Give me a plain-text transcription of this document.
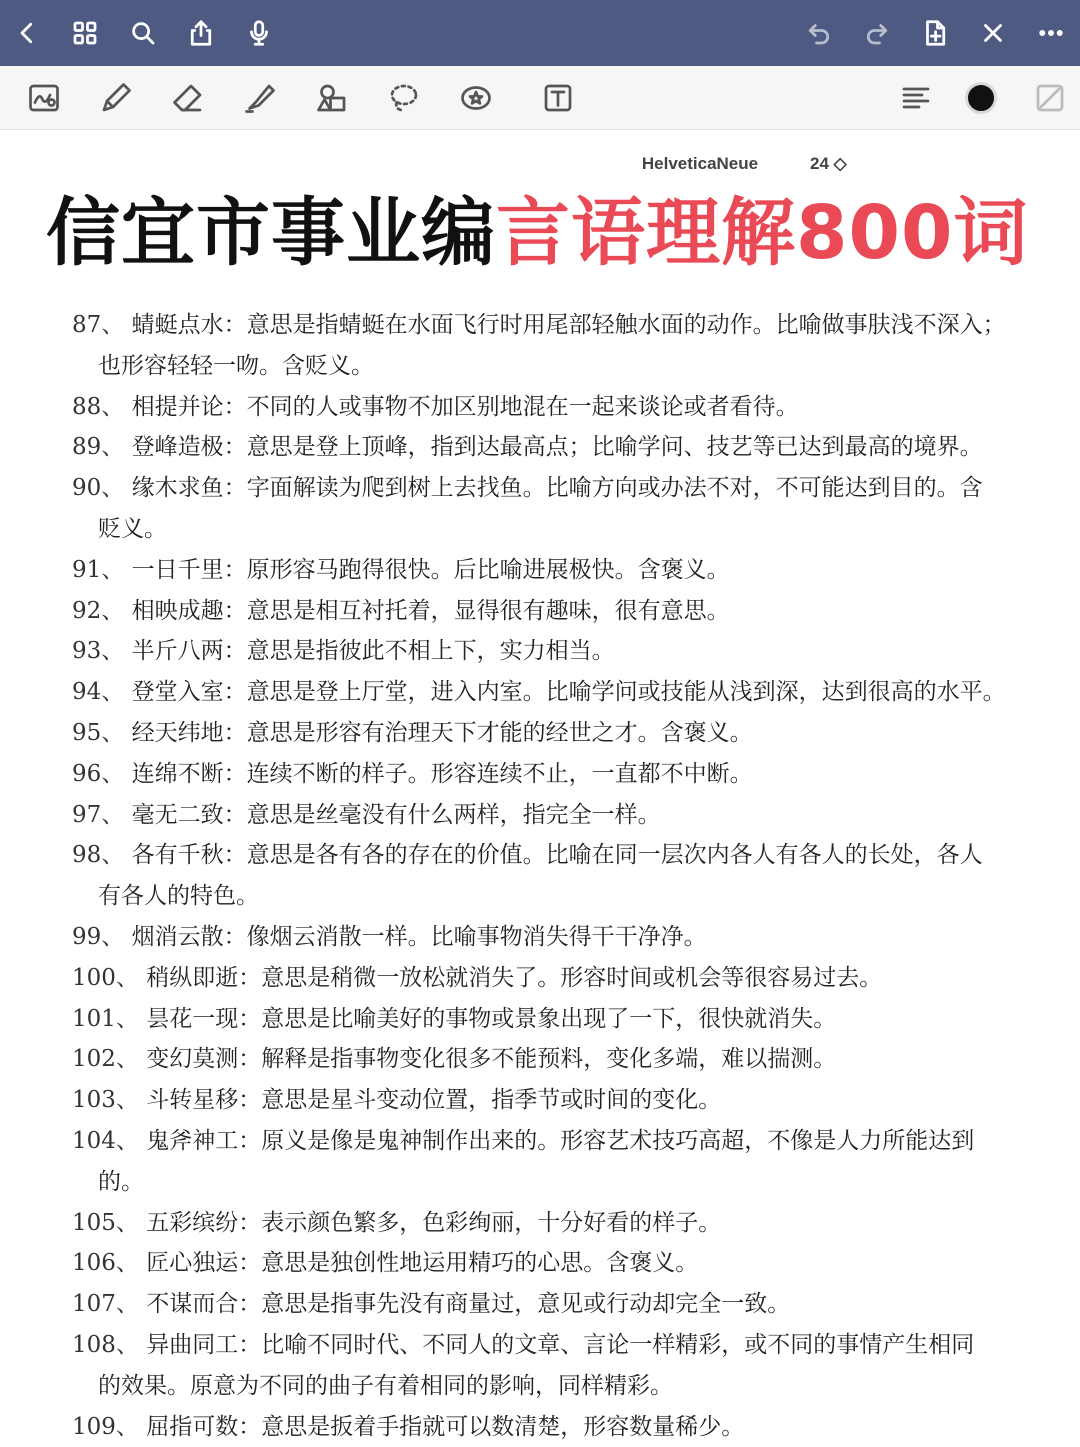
HelveticaNeue	24 ◇
信宜市事业编言语理解800词
87、 蜻蜓点水：意思是指蜻蜓在水面飞行时用尾部轻触水面的动作。比喻做事肤浅不深入；
也形容轻轻一吻。含贬义。
88、 相提并论：不同的人或事物不加区别地混在一起来谈论或者看待。
89、 登峰造极：意思是登上顶峰，指到达最高点；比喻学问、技艺等已达到最高的境界。
90、 缘木求鱼：字面解读为爬到树上去找鱼。比喻方向或办法不对，不可能达到目的。含
贬义。
91、 一日千里：原形容马跑得很快。后比喻进展极快。含褒义。
92、 相映成趣：意思是相互衬托着，显得很有趣味，很有意思。
93、 半斤八两：意思是指彼此不相上下，实力相当。
94、 登堂入室：意思是登上厅堂，进入内室。比喻学问或技能从浅到深，达到很高的水平。
95、 经天纬地：意思是形容有治理天下才能的经世之才。含褒义。
96、 连绵不断：连续不断的样子。形容连续不止，一直都不中断。
97、 毫无二致：意思是丝毫没有什么两样，指完全一样。
98、 各有千秋：意思是各有各的存在的价值。比喻在同一层次内各人有各人的长处，各人
有各人的特色。
99、 烟消云散：像烟云消散一样。比喻事物消失得干干净净。
100、 稍纵即逝：意思是稍微一放松就消失了。形容时间或机会等很容易过去。
101、 昙花一现：意思是比喻美好的事物或景象出现了一下，很快就消失。
102、 变幻莫测：解释是指事物变化很多不能预料，变化多端，难以揣测。
103、 斗转星移：意思是星斗变动位置，指季节或时间的变化。
104、 鬼斧神工：原义是像是鬼神制作出来的。形容艺术技巧高超，不像是人力所能达到
的。
105、 五彩缤纷：表示颜色繁多，色彩绚丽，十分好看的样子。
106、 匠心独运：意思是独创性地运用精巧的心思。含褒义。
107、 不谋而合：意思是指事先没有商量过，意见或行动却完全一致。
108、 异曲同工：比喻不同时代、不同人的文章、言论一样精彩，或不同的事情产生相同
的效果。原意为不同的曲子有着相同的影响，同样精彩。
109、 屈指可数：意思是扳着手指就可以数清楚，形容数量稀少。
